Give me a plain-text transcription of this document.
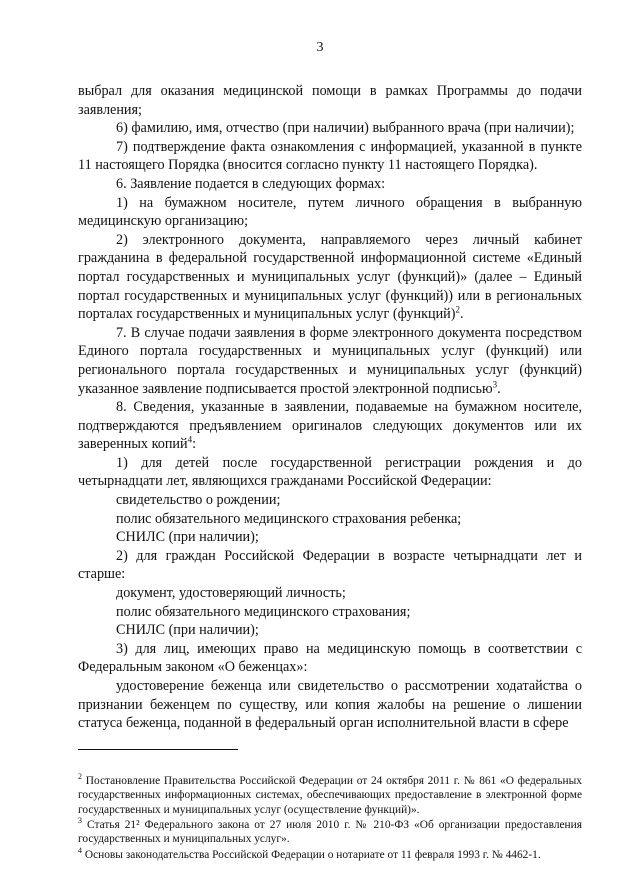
3

выбрал для оказания медицинской помощи в рамках Программы до подачи заявления;

6) фамилию, имя, отчество (при наличии) выбранного врача (при наличии);

7) подтверждение факта ознакомления с информацией, указанной в пункте 11 настоящего Порядка (вносится согласно пункту 11 настоящего Порядка).

6. Заявление подается в следующих формах:

1) на бумажном носителе, путем личного обращения в выбранную медицинскую организацию;

2) электронного документа, направляемого через личный кабинет гражданина в федеральной государственной информационной системе «Единый портал государственных и муниципальных услуг (функций)» (далее – Единый портал государственных и муниципальных услуг (функций)) или в региональных порталах государственных и муниципальных услуг (функций)$^2$.

7. В случае подачи заявления в форме электронного документа посредством Единого портала государственных и муниципальных услуг (функций) или регионального портала государственных и муниципальных услуг (функций) указанное заявление подписывается простой электронной подписью$^3$.

8. Сведения, указанные в заявлении, подаваемые на бумажном носителе, подтверждаются предъявлением оригиналов следующих документов или их заверенных копий$^4$:

1) для детей после государственной регистрации рождения и до четырнадцати лет, являющихся гражданами Российской Федерации:

свидетельство о рождении;

полис обязательного медицинского страхования ребенка;

СНИЛС (при наличии);

2) для граждан Российской Федерации в возрасте четырнадцати лет и старше:

документ, удостоверяющий личность;

полис обязательного медицинского страхования;

СНИЛС (при наличии);

3) для лиц, имеющих право на медицинскую помощь в соответствии с Федеральным законом «О беженцах»:

удостоверение беженца или свидетельство о рассмотрении ходатайства о признании беженцем по существу, или копия жалобы на решение о лишении статуса беженца, поданной в федеральный орган исполнительной власти в сфере

$^2$ Постановление Правительства Российской Федерации от 24 октября 2011 г. № 861 «О федеральных государственных информационных системах, обеспечивающих предоставление в электронной форме государственных и муниципальных услуг (осуществление функций)».

$^3$ Статья 21² Федерального закона от 27 июля 2010 г. № 210-ФЗ «Об организации предоставления государственных и муниципальных услуг».

$^4$ Основы законодательства Российской Федерации о нотариате от 11 февраля 1993 г. № 4462-1.
